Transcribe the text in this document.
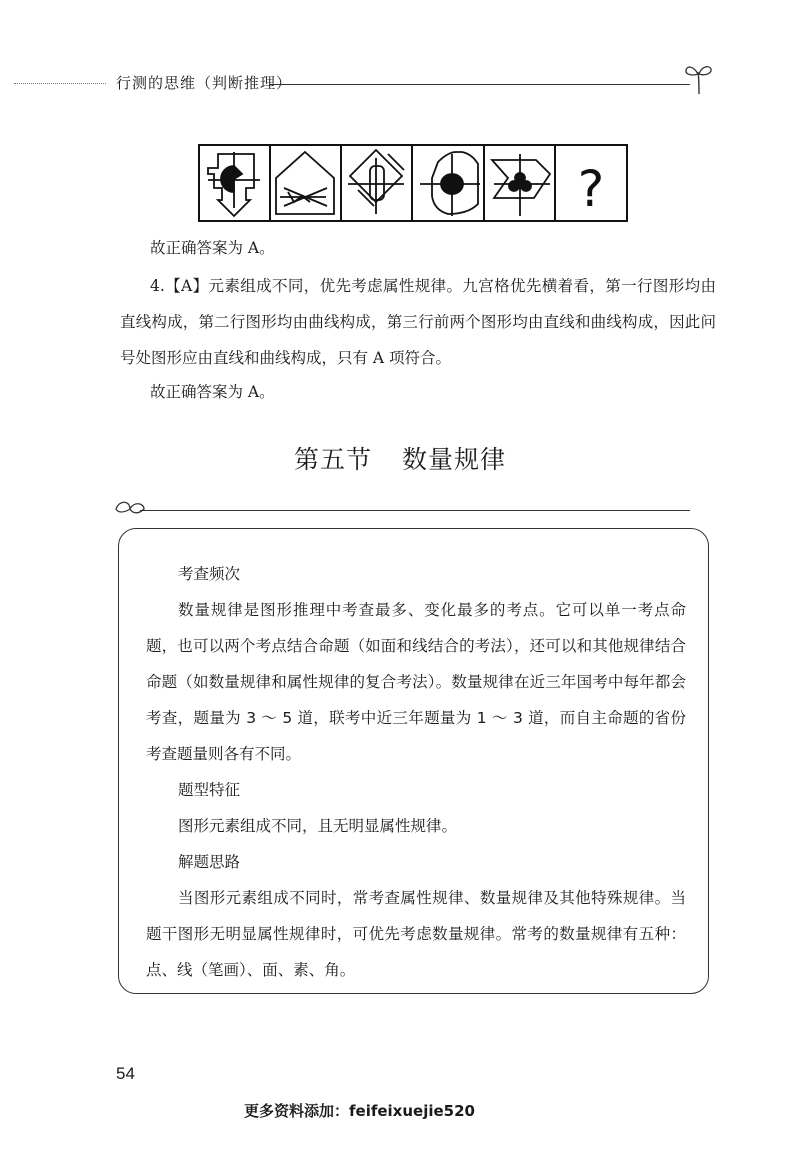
行测的思维（判断推理）
?

故正确答案为 A。

4.【A】元素组成不同，优先考虑属性规律。九宫格优先横着看，第一行图形均由直线构成，第二行图形均由曲线构成，第三行前两个图形均由直线和曲线构成，因此问号处图形应由直线和曲线构成，只有 A 项符合。

故正确答案为 A。

第五节 数量规律
考查频次
数量规律是图形推理中考查最多、变化最多的考点。它可以单一考点命题，也可以两个考点结合命题（如面和线结合的考法），还可以和其他规律结合命题（如数量规律和属性规律的复合考法）。数量规律在近三年国考中每年都会考查，题量为 3 ～ 5 道，联考中近三年题量为 1 ～ 3 道，而自主命题的省份考查题量则各有不同。
题型特征
图形元素组成不同，且无明显属性规律。
解题思路
当图形元素组成不同时，常考查属性规律、数量规律及其他特殊规律。当题干图形无明显属性规律时，可优先考虑数量规律。常考的数量规律有五种：点、线（笔画）、面、素、角。
54
更多资料添加：feifeixuejie520
